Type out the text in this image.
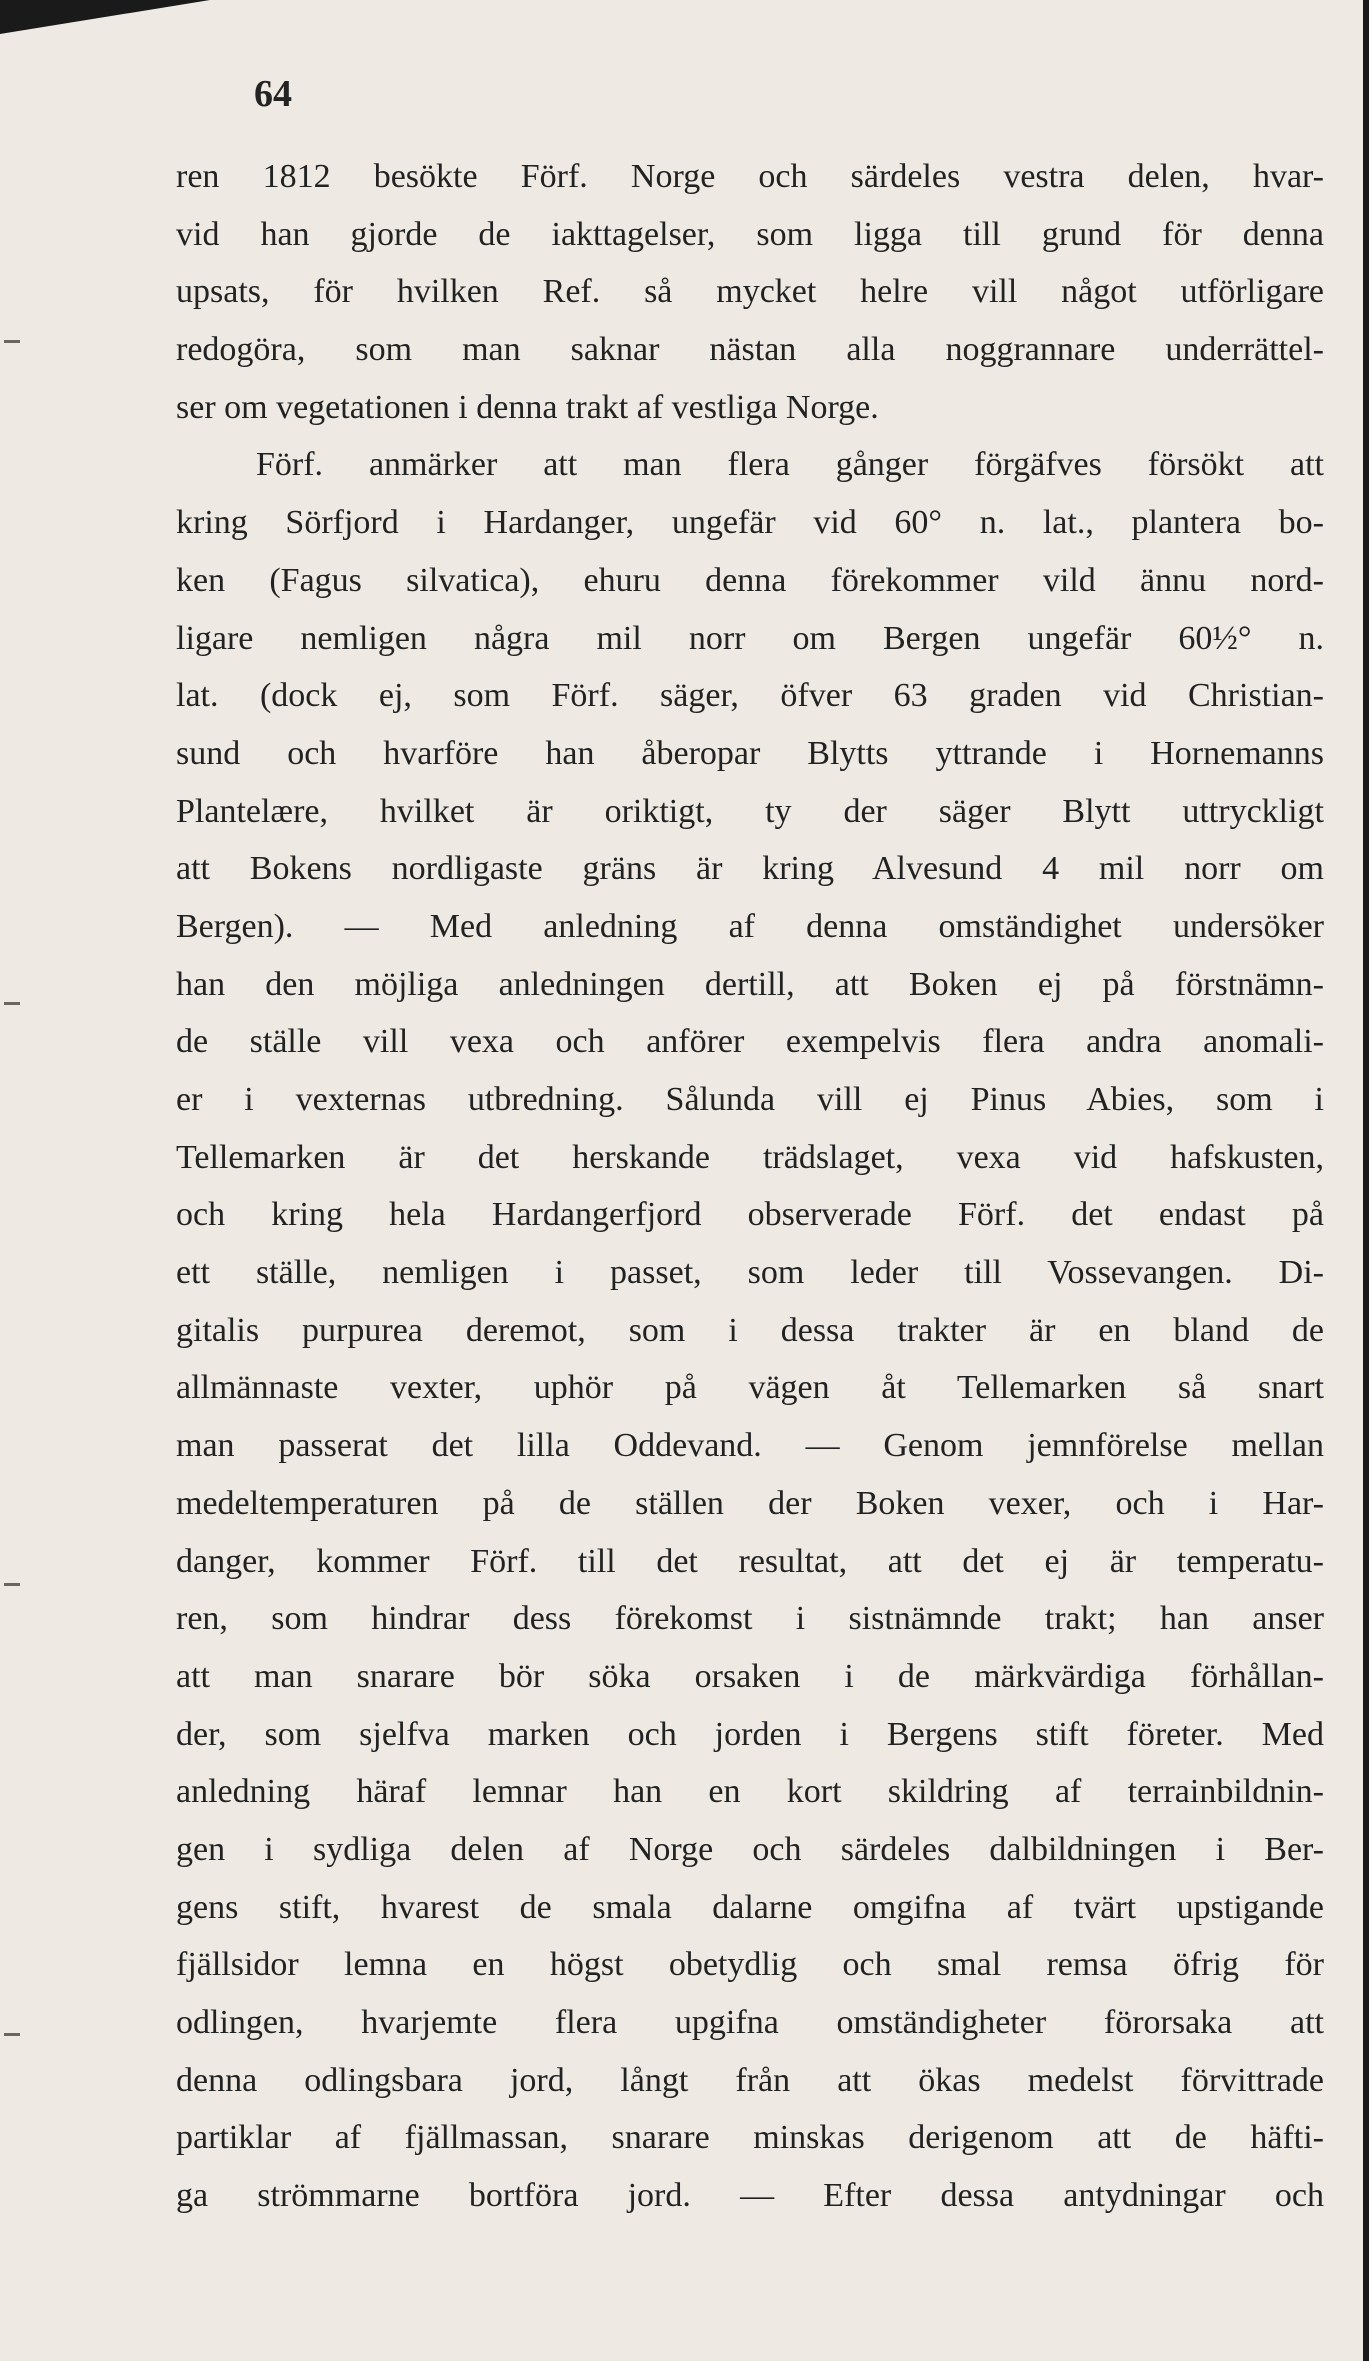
64
ren 1812 besökte Förf. Norge och särdeles vestra delen, hvar-
vid han gjorde de iakttagelser, som ligga till grund för denna
upsats, för hvilken Ref. så mycket helre vill något utförligare
redogöra, som man saknar nästan alla noggrannare underrättel-
ser om vegetationen i denna trakt af vestliga Norge.
Förf. anmärker att man flera gånger förgäfves försökt att
kring Sörfjord i Hardanger, ungefär vid 60° n. lat., plantera bo-
ken (Fagus silvatica), ehuru denna förekommer vild ännu nord-
ligare nemligen några mil norr om Bergen ungefär 60½° n.
lat. (dock ej, som Förf. säger, öfver 63 graden vid Christian-
sund och hvarföre han åberopar Blytts yttrande i Hornemanns
Plantelære, hvilket är oriktigt, ty der säger Blytt uttryckligt
att Bokens nordligaste gräns är kring Alvesund 4 mil norr om
Bergen). — Med anledning af denna omständighet undersöker
han den möjliga anledningen dertill, att Boken ej på förstnämn-
de ställe vill vexa och anförer exempelvis flera andra anomali-
er i vexternas utbredning. Sålunda vill ej Pinus Abies, som i
Tellemarken är det herskande trädslaget, vexa vid hafskusten,
och kring hela Hardangerfjord observerade Förf. det endast på
ett ställe, nemligen i passet, som leder till Vossevangen. Di-
gitalis purpurea deremot, som i dessa trakter är en bland de
allmännaste vexter, uphör på vägen åt Tellemarken så snart
man passerat det lilla Oddevand. — Genom jemnförelse mellan
medeltemperaturen på de ställen der Boken vexer, och i Har-
danger, kommer Förf. till det resultat, att det ej är temperatu-
ren, som hindrar dess förekomst i sistnämnde trakt; han anser
att man snarare bör söka orsaken i de märkvärdiga förhållan-
der, som sjelfva marken och jorden i Bergens stift företer. Med
anledning häraf lemnar han en kort skildring af terrainbildnin-
gen i sydliga delen af Norge och särdeles dalbildningen i Ber-
gens stift, hvarest de smala dalarne omgifna af tvärt upstigande
fjällsidor lemna en högst obetydlig och smal remsa öfrig för
odlingen, hvarjemte flera upgifna omständigheter förorsaka att
denna odlingsbara jord, långt från att ökas medelst förvittrade
partiklar af fjällmassan, snarare minskas derigenom att de häfti-
ga strömmarne bortföra jord. — Efter dessa antydningar och
